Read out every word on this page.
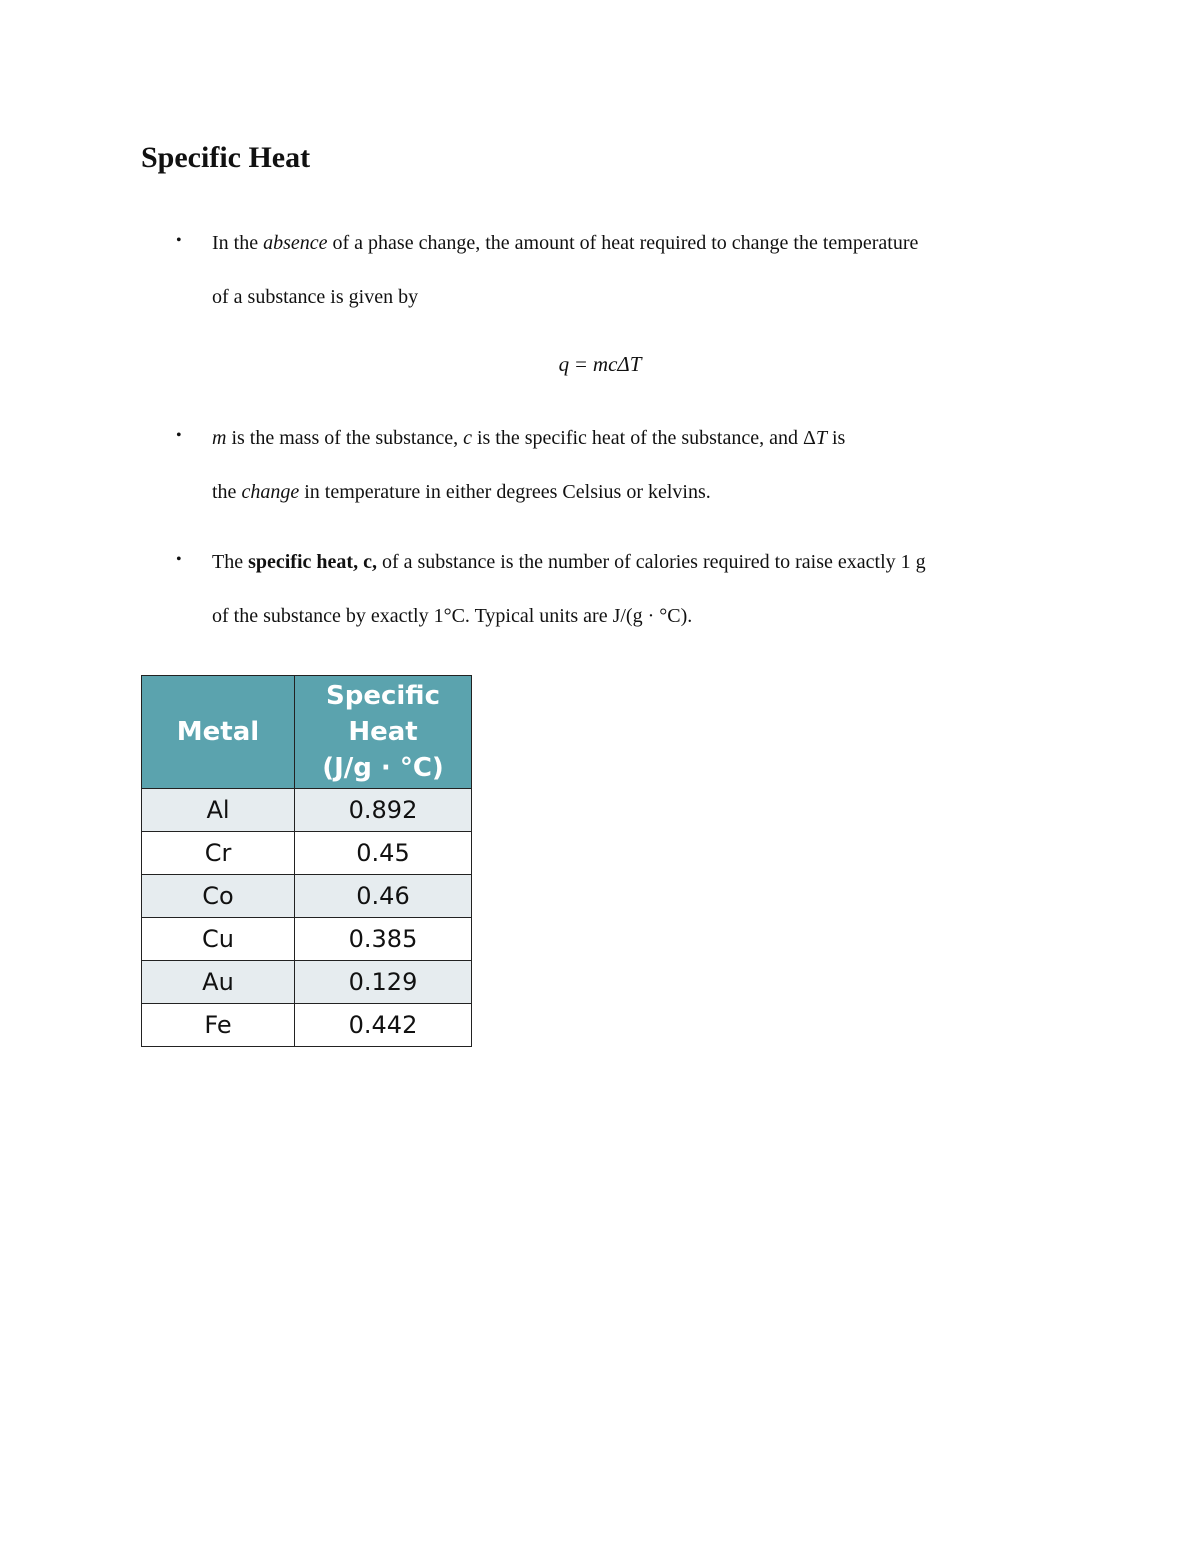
Specific Heat
• In the absence of a phase change, the amount of heat required to change the temperature
of a substance is given by
q = mcΔT
• m is the mass of the substance, c is the specific heat of the substance, and ΔT is
the change in temperature in either degrees Celsius or kelvins.
• The specific heat, c, of a substance is the number of calories required to raise exactly 1 g
of the substance by exactly 1°C. Typical units are J/(g · °C).
Metal	Specific
Heat
(J/g · °C)

Al	0.892
Cr	0.45
Co	0.46
Cu	0.385
Au	0.129
Fe	0.442
